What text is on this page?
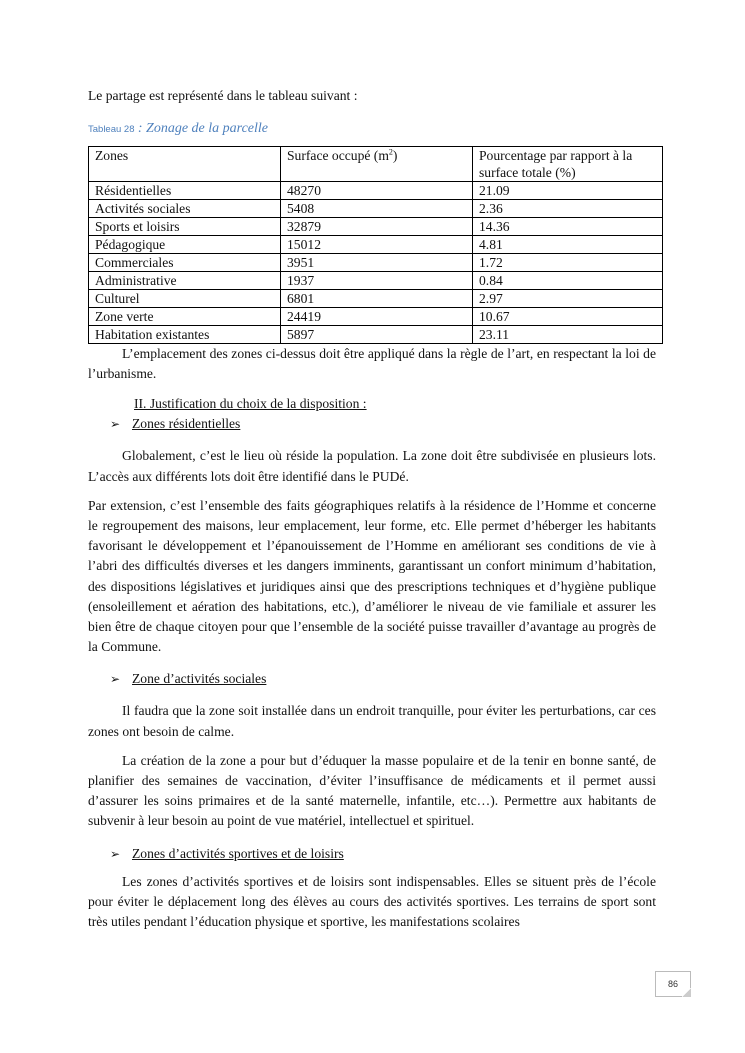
Le partage est représenté dans le tableau suivant :

Tableau 28 : Zonage de la parcelle
Zones	Surface occupé $(m^2)$	Pourcentage par rapport à la surface totale (%)
Résidentielles	48270	21.09
Activités sociales	5408	2.36
Sports et loisirs	32879	14.36
Pédagogique	15012	4.81
Commerciales	3951	1.72
Administrative	1937	0.84
Culturel	6801	2.97
Zone verte	24419	10.67
Habitation existantes	5897	23.11

L’emplacement des zones ci-dessus doit être appliqué dans la règle de l’art, en respectant la loi de l’urbanisme.

II. Justification du choix de la disposition :
➢ Zones résidentielles

Globalement, c’est le lieu où réside la population. La zone doit être subdivisée en plusieurs lots. L’accès aux différents lots doit être identifié dans le PUDé.

Par extension, c’est l’ensemble des faits géographiques relatifs à la résidence de l’Homme et concerne le regroupement des maisons, leur emplacement, leur forme, etc. Elle permet d’héberger les habitants favorisant le développement et l’épanouissement de l’Homme en améliorant ses conditions de vie à l’abri des difficultés diverses et les dangers imminents, garantissant un confort minimum d’habitation, des dispositions législatives et juridiques ainsi que des prescriptions techniques et d’hygiène publique (ensoleillement et aération des habitations, etc.), d’améliorer le niveau de vie familiale et assurer les bien être de chaque citoyen pour que l’ensemble de la société puisse travailler d’avantage au progrès de la Commune.

➢ Zone d’activités sociales

Il faudra que la zone soit installée dans un endroit tranquille, pour éviter les perturbations, car ces zones ont besoin de calme.

La création de la zone a pour but d’éduquer la masse populaire et de la tenir en bonne santé, de planifier des semaines de vaccination, d’éviter l’insuffisance de médicaments et il permet aussi d’assurer les soins primaires et de la santé maternelle, infantile, etc…). Permettre aux habitants de subvenir à leur besoin au point de vue matériel, intellectuel et spirituel.

➢ Zones d’activités sportives et de loisirs

Les zones d’activités sportives et de loisirs sont indispensables. Elles se situent près de l’école pour éviter le déplacement long des élèves au cours des activités sportives. Les terrains de sport sont très utiles pendant l’éducation physique et sportive, les manifestations scolaires

86
